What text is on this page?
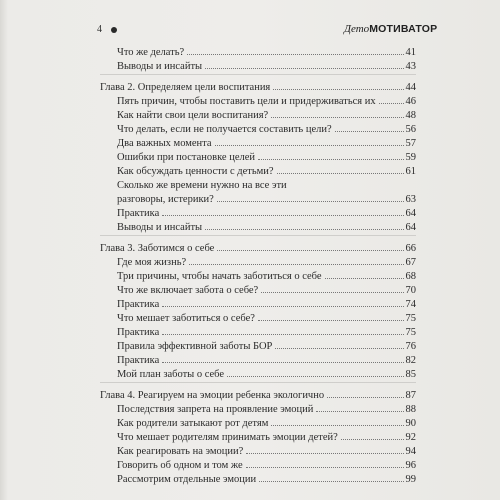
4	ДетоМОТИВАТОР
Что же делать?	41
Выводы и инсайты	43
Глава 2. Определяем цели воспитания	44
Пять причин, чтобы поставить цели и придерживаться их	46
Как найти свои цели воспитания?	48
Что делать, если не получается составить цели?	56
Два важных момента	57
Ошибки при постановке целей	59
Как обсуждать ценности с детьми?	61
Сколько же времени нужно на все эти
разговоры, истерики?	63
Практика	64
Выводы и инсайты	64
Глава 3. Заботимся о себе	66
Где моя жизнь?	67
Три причины, чтобы начать заботиться о себе	68
Что же включает забота о себе?	70
Практика	74
Что мешает заботиться о себе?	75
Практика	75
Правила эффективной заботы БОР	76
Практика	82
Мой план заботы о себе	85
Глава 4. Реагируем на эмоции ребенка экологично	87
Последствия запрета на проявление эмоций	88
Как родители затыкают рот детям	90
Что мешает родителям принимать эмоции детей?	92
Как реагировать на эмоции?	94
Говорить об одном и том же	96
Рассмотрим отдельные эмоции	99
